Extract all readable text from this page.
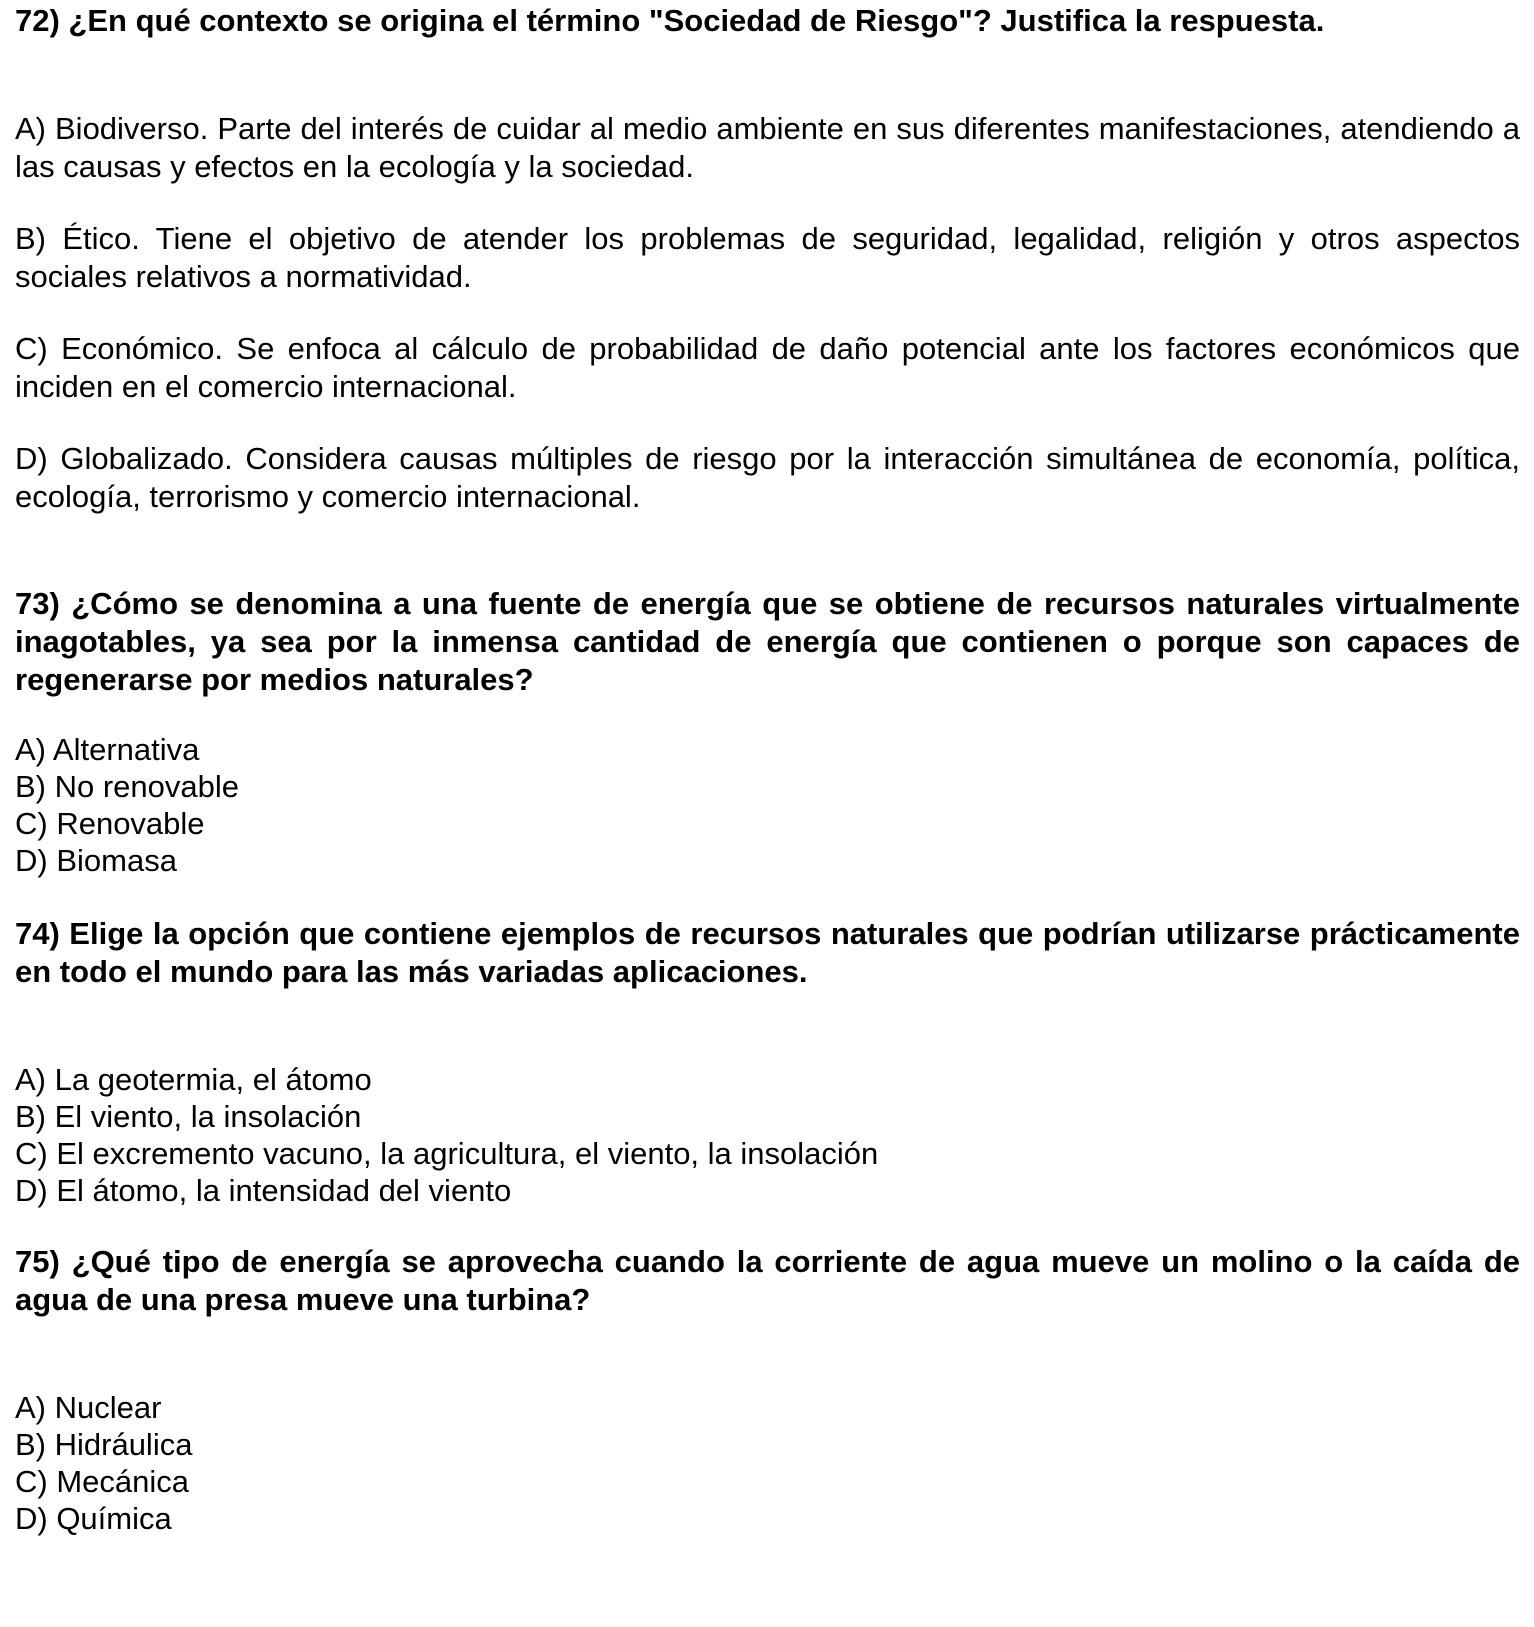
72) ¿En qué contexto se origina el término "Sociedad de Riesgo"? Justifica la respuesta.
A) Biodiverso. Parte del interés de cuidar al medio ambiente en sus diferentes manifestaciones, atendiendo a las causas y efectos en la ecología y la sociedad.
B) Ético. Tiene el objetivo de atender los problemas de seguridad, legalidad, religión y otros aspectos sociales relativos a normatividad.
C) Económico. Se enfoca al cálculo de probabilidad de daño potencial ante los factores económicos que inciden en el comercio internacional.
D) Globalizado. Considera causas múltiples de riesgo por la interacción simultánea de economía, política, ecología, terrorismo y comercio internacional.
73) ¿Cómo se denomina a una fuente de energía que se obtiene de recursos naturales virtualmente inagotables, ya sea por la inmensa cantidad de energía que contienen o porque son capaces de regenerarse por medios naturales?
A) Alternativa
B) No renovable
C) Renovable
D) Biomasa
74) Elige la opción que contiene ejemplos de recursos naturales que podrían utilizarse prácticamente en todo el mundo para las más variadas aplicaciones.
A) La geotermia, el átomo
B) El viento, la insolación
C) El excremento vacuno, la agricultura, el viento, la insolación
D) El átomo, la intensidad del viento
75) ¿Qué tipo de energía se aprovecha cuando la corriente de agua mueve un molino o la caída de agua de una presa mueve una turbina?
A) Nuclear
B) Hidráulica
C) Mecánica
D) Química
